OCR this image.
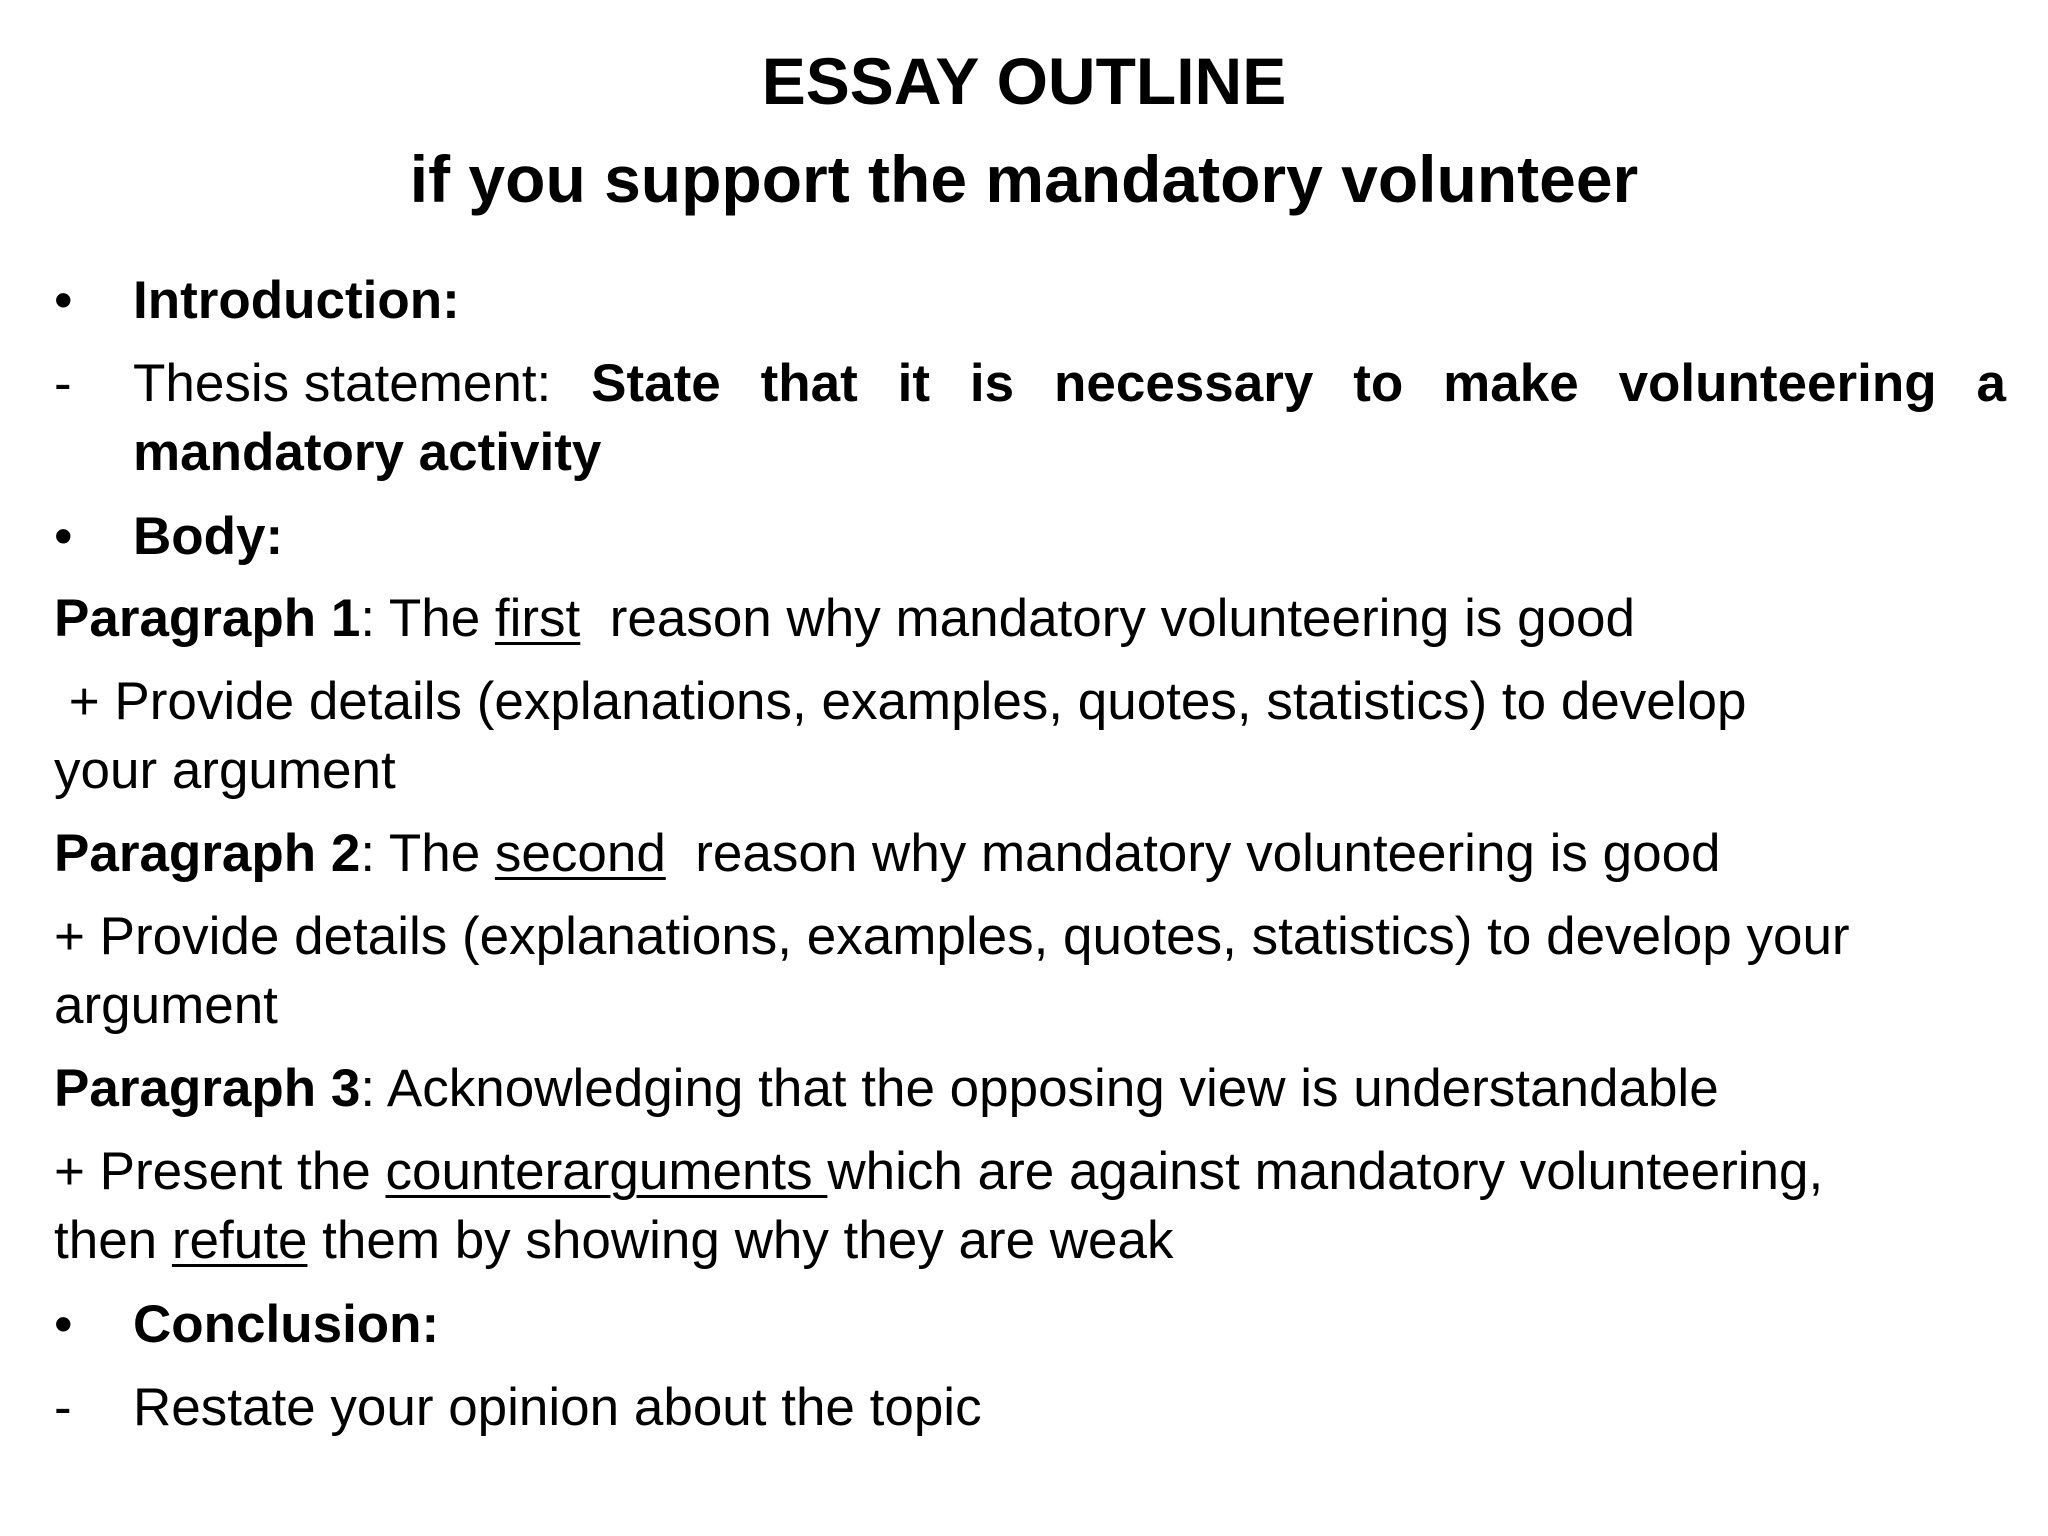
ESSAY OUTLINE
if you support the mandatory volunteer
• Introduction:
- Thesis statement: State that it is necessary to make volunteering a
mandatory activity
• Body:
Paragraph 1: The first  reason why mandatory volunteering is good
+ Provide details (explanations, examples, quotes, statistics) to develop
your argument
Paragraph 2: The second  reason why mandatory volunteering is good
+ Provide details (explanations, examples, quotes, statistics) to develop your
argument
Paragraph 3: Acknowledging that the opposing view is understandable
+ Present the counterarguments which are against mandatory volunteering,
then refute them by showing why they are weak
• Conclusion:
- Restate your opinion about the topic
